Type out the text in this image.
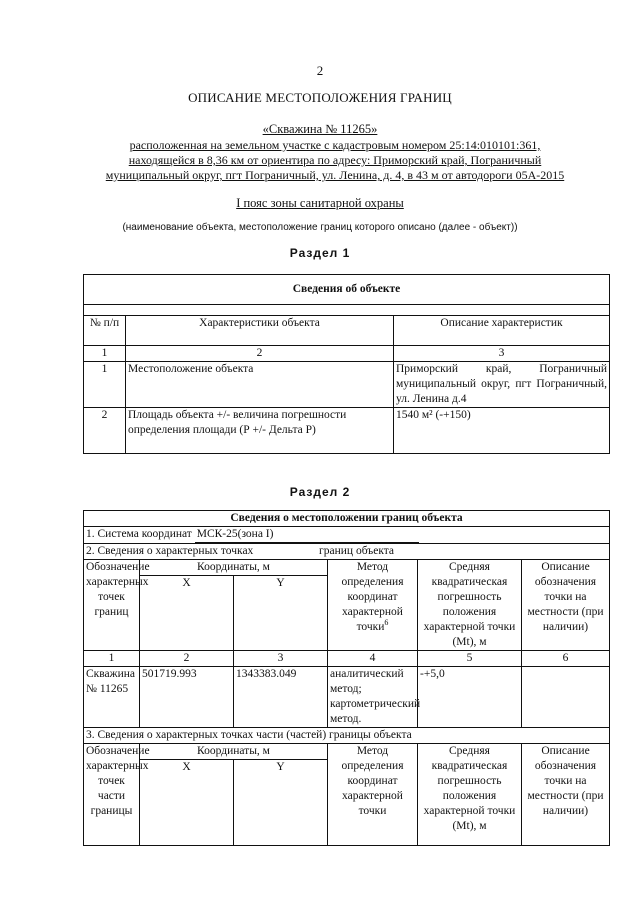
2
ОПИСАНИЕ МЕСТОПОЛОЖЕНИЯ ГРАНИЦ
«Скважина № 11265»
расположенная на земельном участке с кадастровым номером 25:14:010101:361,
находящейся в 8,36 км от ориентира по адресу: Приморский край, Пограничный
муниципальный округ, пгт Пограничный, ул. Ленина, д. 4, в 43 м от автодороги 05А-2015
I пояс зоны санитарной охраны
(наименование объекта, местоположение границ которого описано (далее - объект))
Раздел 1
Сведения об объекте		

№ п/п	Характеристики объекта	Описание характеристик
1	2	3
1	Местоположение объекта	Приморский край, Пограничный муниципальный округ, пгт Пограничный, ул. Ленина д.4
2	Площадь объекта +/- величина погрешности определения площади (Р +/- Дельта Р)	1540 м² (-+150)
Раздел 2
Сведения о местоположении границ объекта					
1. Система координат МСК-25(зона I)					
2. Сведения о характерных точках границ объекта					
Обозначение характерных точек границ	Координаты, м		Метод определения координат характерной точки$^6$	Средняя квадратическая погрешность положения характерной точки (Mt), м	Описание обозначения точки на местности (при наличии)
	X	Y			
1	2	3	4	5	6
Скважина № 11265	501719.993	1343383.049	аналитический метод; картометрический метод.	-+5,0	
3. Сведения о характерных точках части (частей) границы объекта					
Обозначение характерных точек части границы	Координаты, м		Метод определения координат характерной точки	Средняя квадратическая погрешность положения характерной точки (Mt), м	Описание обозначения точки на местности (при наличии)
	X	Y			
